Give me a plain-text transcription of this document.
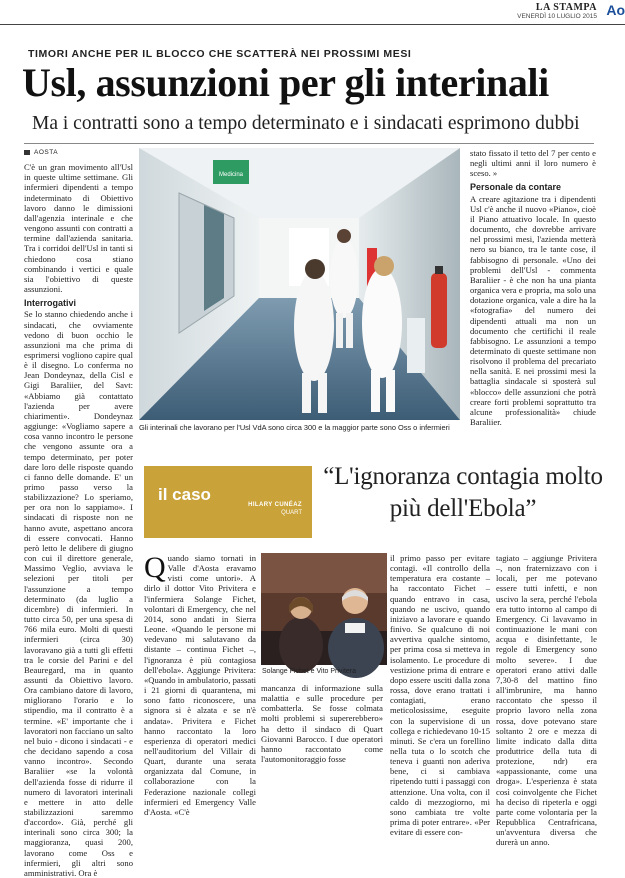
LA STAMPA
VENERDÌ 10 LUGLIO 2015 Ao
TIMORI ANCHE PER IL BLOCCO CHE SCATTERÀ NEI PROSSIMI MESI
Usl, assunzioni per gli interinali
Ma i contratti sono a tempo determinato e i sindacati esprimono dubbi

AOSTA

C'è un gran movimento all'Usl in queste ultime settimane. Gli infermieri dipendenti a tempo indeterminato di Obiettivo lavoro danno le dimissioni dall'agenzia interinale e che vengono assunti con contratti a termine dall'azienda sanitaria. Tra i corridoi dell'Usl in tanti si chiedono cosa stiano combinando i vertici e quale sia l'obiettivo di queste assunzioni.

Interrogativi

Se lo stanno chiedendo anche i sindacati, che ovviamente vedono di buon occhio le assunzioni ma che prima di esprimersi vogliono capire qual è il disegno. Lo conferma no Jean Dondeynaz, della Cisl e Gigi Baraliier, del Savt: «Abbiamo già contattato l'azienda per avere chiarimenti». Dondeynaz aggiunge: «Vogliamo sapere a cosa vanno incontro le persone che vengono assunte ora a tempo determinato, per poter dare loro delle risposte quando ci fanno delle domande. E' un primo passo verso la stabilizzazione? Lo speriamo, per ora non lo sappiamo». I sindacati di risposte non ne hanno avute, aspettano ancora di essere convocati. Hanno però letto le delibere di giugno con cui il direttore generale, Massimo Veglio, avviava le selezioni per titoli per l'assunzione a tempo determinato (da luglio a dicembre) di infermieri. In tutto circa 50, per una spesa di 766 mila euro. Molti di questi infermieri (circa 30) lavoravano già a tutti gli effetti tra le corsie del Parini e del Beauregard, ma in quanto assunti da Obiettivo lavoro. Ora cambiano datore di lavoro, migliorano l'orario e lo stipendio, ma il contratto è a termine. «E' importante che i lavoratori non facciano un salto nel buio - dicono i sindacati - e che decidano sapendo a cosa vanno incontro». Secondo Baraliier «se la volontà dell'azienda fosse di ridurre il numero di lavoratori interinali e mettere in atto delle stabilizzazioni saremmo d'accordo». Già, perché gli interinali sono circa 300; la maggioranza, quasi 200, lavorano come Oss e infermieri, gli altri sono amministrativi. Ora è

Medicina
Gli interinali che lavorano per l'Usl VdA sono circa 300 e la maggior parte sono Oss o infermieri

stato fissato il tetto del 7 per cento e negli ultimi anni il loro numero è sceso. »

Personale da contare

A creare agitazione tra i dipendenti Usl c'è anche il nuovo «Piano», cioè il Piano attuativo locale. In questo documento, che dovrebbe arrivare nel prossimi mesi, l'azienda metterà nero su bianco, tra le tante cose, il fabbisogno di personale. «Uno dei problemi dell'Usl - commenta Baraliier - è che non ha una pianta organica vera e propria, ma solo una dotazione organica, vale a dire ha la «fotografia» del numero dei dipendenti attuali ma non un documento che certifichi il reale fabbisogno. Le assunzioni a tempo determinato di queste settimane non risolvono il problema del precariato nella sanità. E nei prossimi mesi la battaglia sindacale si sposterà sul «blocco» delle assunzioni che potrà creare forti problemi soprattutto tra alcune professionalità» chiude Baraliier.

il caso
HILARY CUNÉAZ
QUART
“L'ignoranza contagia molto più dell'Ebola”
Q uando siamo tornati in Valle d'Aosta eravamo visti come untori». A dirlo il dottor Vito Privitera e l'infermiera Solange Fichet, volontari di Emergency, che nel 2014, sono andati in Sierra Leone. «Quando le persone mi vedevano mi salutavano da distante – continua Fichet –, l'ignoranza è più contagiosa dell'ebola». Aggiunge Privitera: «Quando in ambulatorio, passati i 21 giorni di quarantena, mi sono fatto riconoscere, una signora si è alzata e se n'è andata». Privitera e Fichet hanno raccontato la loro esperienza di operatori medici nell'auditorium del Villair di Quart, durante una serata organizzata dal Comune, in collaborazione con la Federazione nazionale collegi infermieri ed Emergency Valle d'Aosta. «C'è

Solange Fichet e Vito Privitera

mancanza di informazione sulla malattia e sulle procedure per combatterla. Se fosse colmata molti problemi si supererebbero» ha detto il sindaco di Quart Giovanni Barocco. I due operatori hanno raccontato come l'automonitoraggio fosse

il primo passo per evitare contagi. «Il controllo della temperatura era costante – ha raccontato Fichet – quando entravo in casa, quando ne uscivo, quando iniziavo a lavorare e quando finivo. Se qualcuno di noi avvertiva qualche sintomo, per prima cosa si metteva in isolamento. Le procedure di vestizione prima di entrare e dopo essere usciti dalla zona rossa, dove erano trattati i contagiati, erano meticolosissime, eseguite con la supervisione di un collega e richiedevano 10-15 minuti. Se c'era un forellino nella tuta o lo scotch che teneva i guanti non aderiva bene, ci si cambiava ripetendo tutti i passaggi con attenzione. Una volta, con il caldo di mezzogiorno, mi sono cambiata tre volte prima di poter entrare». «Per evitare di essere con-

tagiato – aggiunge Privitera –, non fraternizzavo con i locali, per me potevano essere tutti infetti, e non uscivo la sera, perché l'ebola era tutto intorno al campo di Emergency. Ci lavavamo in continuazione le mani con acqua e disinfettante, le regole di Emergency sono molto severe». I due operatori erano attivi dalle 7,30-8 del mattino fino all'imbrunire, ma hanno raccontato che spesso il proprio lavoro nella zona rossa, dove potevano stare soltanto 2 ore e mezza di limite indicato dalla ditta produttrice della tuta di protezione, ndr) era «appassionante, come una droga». L'esperienza è stata così coinvolgente che Fichet ha deciso di ripeterla e oggi parte come volontaria per la Repubblica Centrafricana, un'avventura diversa che durerà un anno.
